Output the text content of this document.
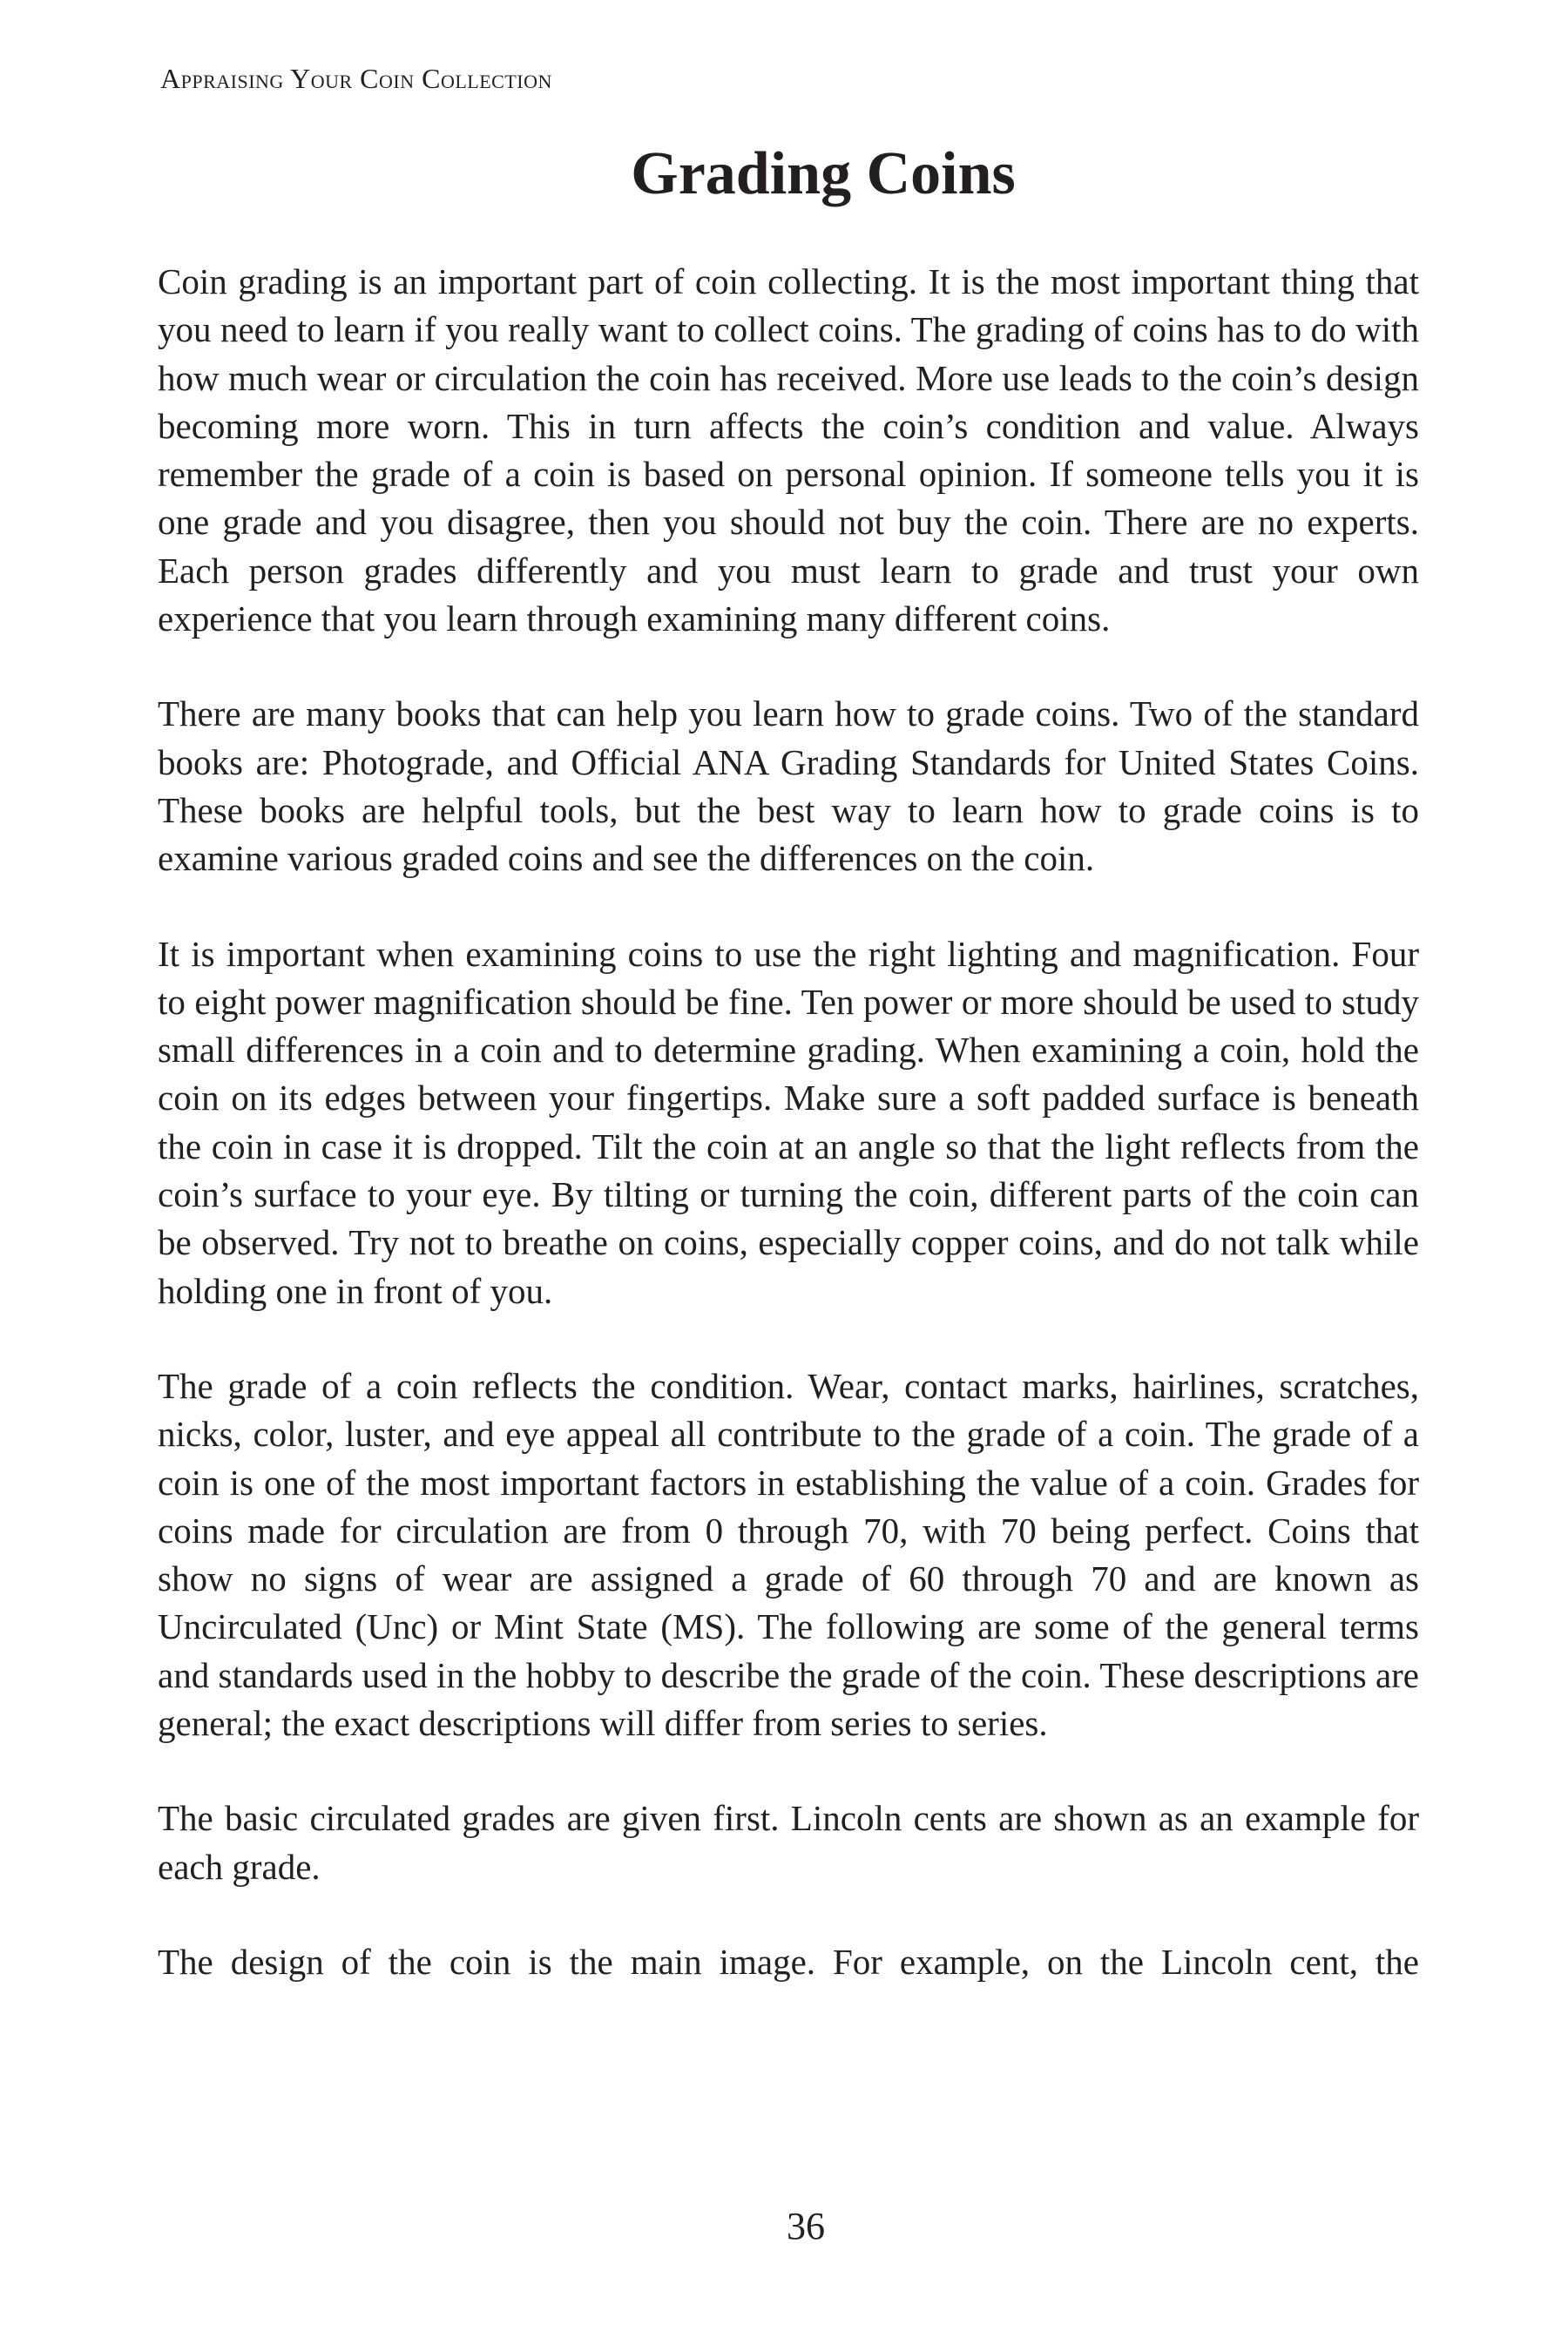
Appraising Your Coin Collection

Grading Coins

Coin grading is an important part of coin collecting. It is the most important thing that you need to learn if you really want to collect coins. The grading of coins has to do with how much wear or circulation the coin has received. More use leads to the coin’s design becoming more worn. This in turn affects the coin’s condition and value. Always remember the grade of a coin is based on personal opinion. If someone tells you it is one grade and you disagree, then you should not buy the coin. There are no experts. Each person grades differently and you must learn to grade and trust your own experience that you learn through examining many different coins.

There are many books that can help you learn how to grade coins. Two of the standard books are: Photograde, and Official ANA Grading Standards for United States Coins. These books are helpful tools, but the best way to learn how to grade coins is to examine various graded coins and see the differences on the coin.

It is important when examining coins to use the right lighting and magnification. Four to eight power magnification should be fine. Ten power or more should be used to study small differences in a coin and to determine grading. When examining a coin, hold the coin on its edges between your fingertips. Make sure a soft padded surface is beneath the coin in case it is dropped. Tilt the coin at an angle so that the light reflects from the coin’s surface to your eye. By tilting or turning the coin, different parts of the coin can be observed. Try not to breathe on coins, especially copper coins, and do not talk while holding one in front of you.

The grade of a coin reflects the condition. Wear, contact marks, hairlines, scratches, nicks, color, luster, and eye appeal all contribute to the grade of a coin. The grade of a coin is one of the most important factors in establishing the value of a coin. Grades for coins made for circulation are from 0 through 70, with 70 being perfect. Coins that show no signs of wear are assigned a grade of 60 through 70 and are known as Uncirculated (Unc) or Mint State (MS). The following are some of the general terms and standards used in the hobby to describe the grade of the coin. These descriptions are general; the exact descriptions will differ from series to series.

The basic circulated grades are given first. Lincoln cents are shown as an example for each grade.

The design of the coin is the main image. For example, on the Lincoln cent, the

36
